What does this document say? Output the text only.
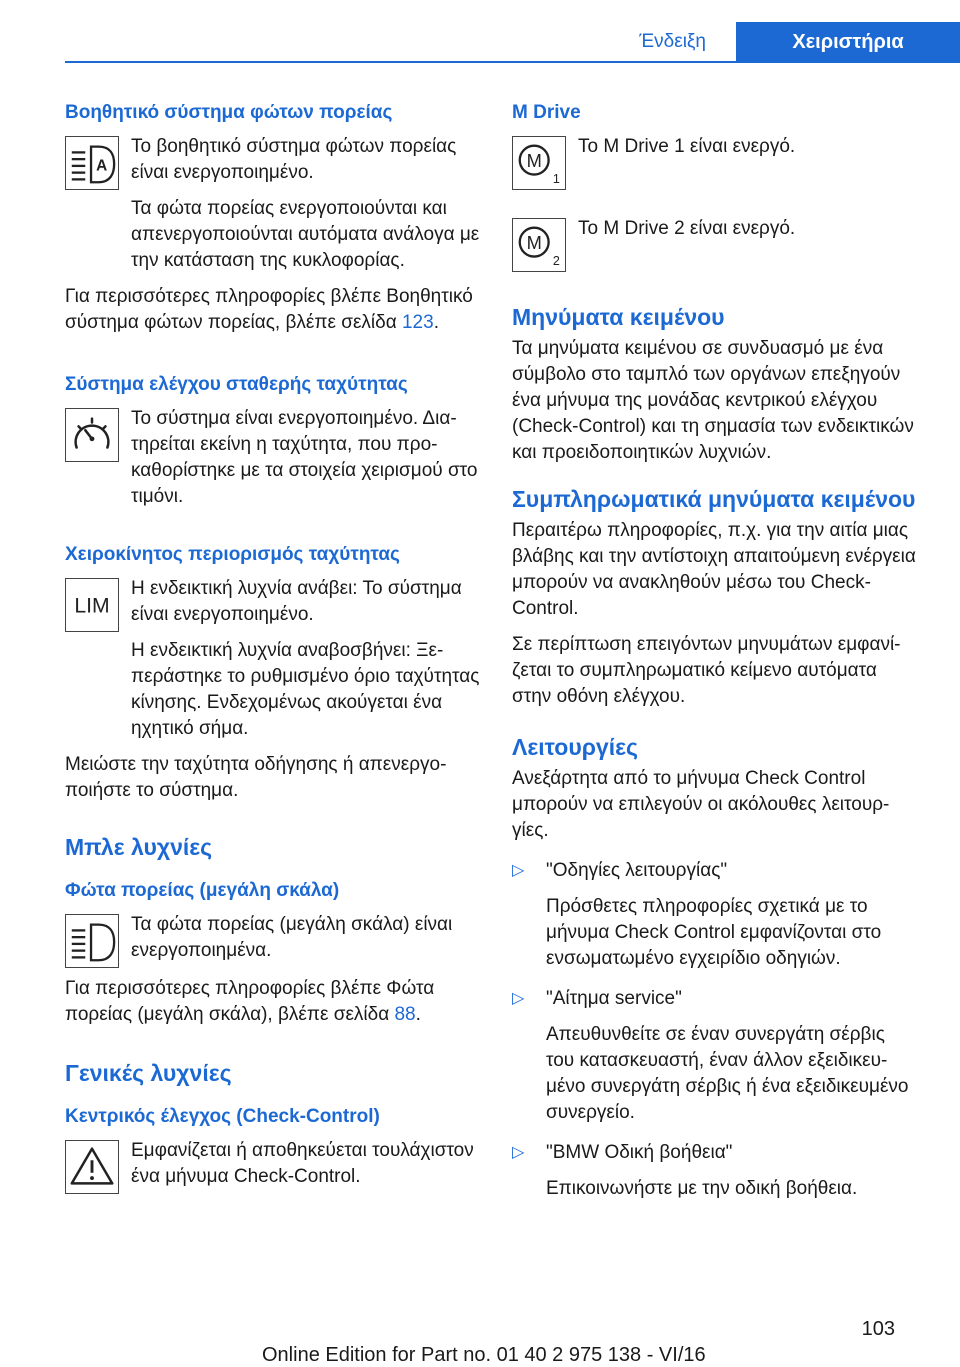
Ένδειξη	Χειριστήρια
Βοηθητικό σύστημα φώτων πορείας
A

Το βοηθητικό σύστημα φώτων πορείας είναι ενεργοποιημένο.

Τα φώτα πορείας ενεργοποιούνται και απενεργοποιούνται αυτόματα ανάλογα με την κατάσταση της κυκλοφορίας.

Για περισσότερες πληροφορίες βλέπε Βοηθητικό σύστημα φώτων πορείας, βλέπε σελίδα 123.

Σύστημα ελέγχου σταθερής ταχύτητας

Το σύστημα είναι ενεργοποιημένο. Διατηρείται εκείνη η ταχύτητα, που προκαθορίστηκε με τα στοιχεία χειρισμού στο τιμόνι.

Χειροκίνητος περιορισμός ταχύτητας
LIM

Η ενδεικτική λυχνία ανάβει: Το σύστημα είναι ενεργοποιημένο.

Η ενδεικτική λυχνία αναβοσβήνει: Ξεπεράστηκε το ρυθμισμένο όριο ταχύτητας κίνησης. Ενδεχομένως ακούγεται ένα ηχητικό σήμα.

Μειώστε την ταχύτητα οδήγησης ή απενεργοποιήστε το σύστημα.

Μπλε λυχνίες
Φώτα πορείας (μεγάλη σκάλα)

Τα φώτα πορείας (μεγάλη σκάλα) είναι ενεργοποιημένα.

Για περισσότερες πληροφορίες βλέπε Φώτα πορείας (μεγάλη σκάλα), βλέπε σελίδα 88.

Γενικές λυχνίες
Κεντρικός έλεγχος (Check-Control)

Εμφανίζεται ή αποθηκεύεται τουλάχιστον ένα μήνυμα Check-Control.

M Drive
M
1

Το M Drive 1 είναι ενεργό.

M
2

Το M Drive 2 είναι ενεργό.

Μηνύματα κειμένου

Τα μηνύματα κειμένου σε συνδυασμό με ένα σύμβολο στο ταμπλό των οργάνων επεξηγούν ένα μήνυμα της μονάδας κεντρικού ελέγχου (Check-Control) και τη σημασία των ενδεικτικών και προειδοποιητικών λυχνιών.

Συμπληρωματικά μηνύματα κειμένου

Περαιτέρω πληροφορίες, π.χ. για την αιτία μιας βλάβης και την αντίστοιχη απαιτούμενη ενέργεια μπορούν να ανακληθούν μέσω του Check-Control.

Σε περίπτωση επειγόντων μηνυμάτων εμφανίζεται το συμπληρωματικό κείμενο αυτόματα στην οθόνη ελέγχου.

Λειτουργίες

Ανεξάρτητα από το μήνυμα Check Control μπορούν να επιλεγούν οι ακόλουθες λειτουργίες.

▷ "Οδηγίες λειτουργίας"

Πρόσθετες πληροφορίες σχετικά με το μήνυμα Check Control εμφανίζονται στο ενσωματωμένο εγχειρίδιο οδηγιών.

▷ "Αίτημα service"

Απευθυνθείτε σε έναν συνεργάτη σέρβις του κατασκευαστή, έναν άλλον εξειδικευμένο συνεργάτη σέρβις ή ένα εξειδικευμένο συνεργείο.

▷ "BMW Οδική βοήθεια"

Επικοινωνήστε με την οδική βοήθεια.

103
Online Edition for Part no. 01 40 2 975 138 - VI/16
